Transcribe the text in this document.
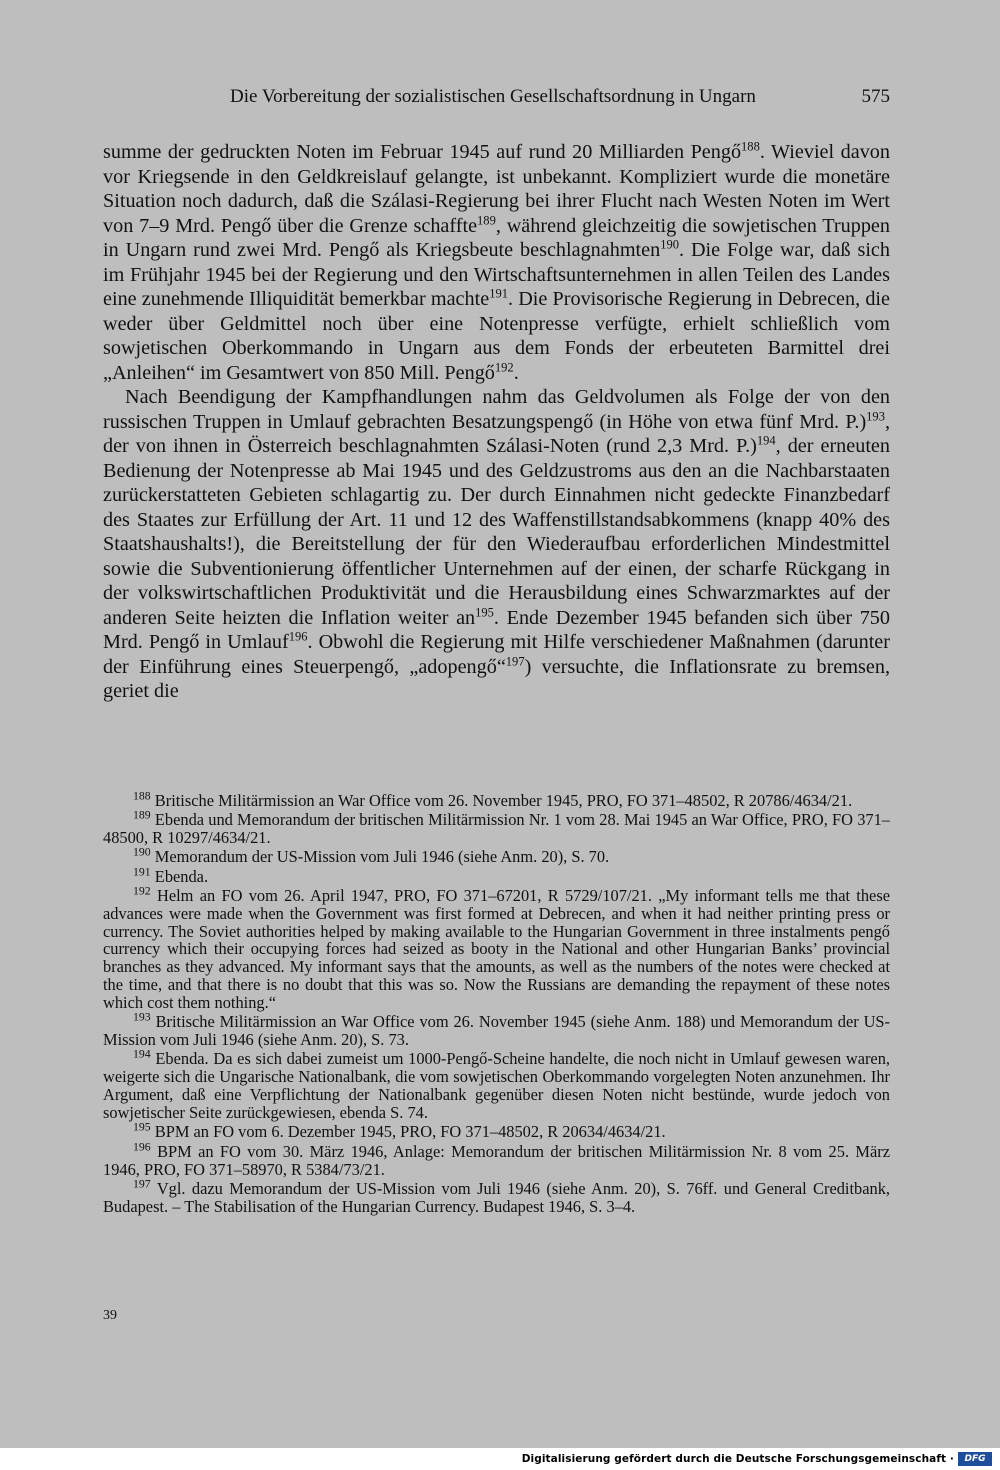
Die Vorbereitung der sozialistischen Gesellschaftsordnung in Ungarn	575

summe der gedruckten Noten im Februar 1945 auf rund 20 Milliarden Pengő$^{188}$. Wieviel davon vor Kriegsende in den Geldkreislauf gelangte, ist unbekannt. Kompliziert wurde die monetäre Situation noch dadurch, daß die Szálasi-Regierung bei ihrer Flucht nach Westen Noten im Wert von 7–9 Mrd. Pengő über die Grenze schaffte$^{189}$, während gleichzeitig die sowjetischen Truppen in Ungarn rund zwei Mrd. Pengő als Kriegsbeute beschlagnahmten$^{190}$. Die Folge war, daß sich im Frühjahr 1945 bei der Regierung und den Wirtschaftsunternehmen in allen Teilen des Landes eine zunehmende Illiquidität bemerkbar machte$^{191}$. Die Provisorische Regierung in Debrecen, die weder über Geldmittel noch über eine Notenpresse verfügte, erhielt schließlich vom sowjetischen Oberkommando in Ungarn aus dem Fonds der erbeuteten Barmittel drei „Anleihen“ im Gesamtwert von 850 Mill. Pengő$^{192}$.

Nach Beendigung der Kampfhandlungen nahm das Geldvolumen als Folge der von den russischen Truppen in Umlauf gebrachten Besatzungspengő (in Höhe von etwa fünf Mrd. P.)$^{193}$, der von ihnen in Österreich beschlagnahmten Szálasi-Noten (rund 2,3 Mrd. P.)$^{194}$, der erneuten Bedienung der Notenpresse ab Mai 1945 und des Geldzustroms aus den an die Nachbarstaaten zurückerstatteten Gebieten schlagartig zu. Der durch Einnahmen nicht gedeckte Finanzbedarf des Staates zur Erfüllung der Art. 11 und 12 des Waffenstillstandsabkommens (knapp 40% des Staatshaushalts!), die Bereitstellung der für den Wiederaufbau erforderlichen Mindestmittel sowie die Subventionierung öffentlicher Unternehmen auf der einen, der scharfe Rückgang in der volkswirtschaftlichen Produktivität und die Herausbildung eines Schwarzmarktes auf der anderen Seite heizten die Inflation weiter $an^{195}$. Ende Dezember 1945 befanden sich über 750 Mrd. Pengő in Umlauf$^{196}$. Obwohl die Regierung mit Hilfe verschiedener Maßnahmen (darunter der Einführung eines Steuerpengő, „adopengő“$^{197}$) versuchte, die Inflationsrate zu bremsen, geriet die

$^{188}$ Britische Militärmission an War Office vom 26. November 1945, PRO, FO 371–48502, R 20786/4634/21.
$^{189}$ Ebenda und Memorandum der britischen Militärmission Nr. 1 vom 28. Mai 1945 an War Office, PRO, FO 371–48500, R 10297/4634/21.
$^{190}$ Memorandum der US-Mission vom Juli 1946 (siehe Anm. 20), S. 70.
$^{191}$ Ebenda.
$^{192}$ Helm an FO vom 26. April 1947, PRO, FO 371–67201, R 5729/107/21. „My informant tells me that these advances were made when the Government was first formed at Debrecen, and when it had neither printing press or currency. The Soviet authorities helped by making available to the Hungarian Government in three instalments pengő currency which their occupying forces had seized as booty in the National and other Hungarian Banks’ provincial branches as they advanced. My informant says that the amounts, as well as the numbers of the notes were checked at the time, and that there is no doubt that this was so. Now the Russians are demanding the repayment of these notes which cost them nothing.“
$^{193}$ Britische Militärmission an War Office vom 26. November 1945 (siehe Anm. 188) und Memorandum der US-Mission vom Juli 1946 (siehe Anm. 20), S. 73.
$^{194}$ Ebenda. Da es sich dabei zumeist um 1000-Pengő-Scheine handelte, die noch nicht in Umlauf gewesen waren, weigerte sich die Ungarische Nationalbank, die vom sowjetischen Oberkommando vorgelegten Noten anzunehmen. Ihr Argument, daß eine Verpflichtung der Nationalbank gegenüber diesen Noten nicht bestünde, wurde jedoch von sowjetischer Seite zurückgewiesen, ebenda S. 74.
$^{195}$ BPM an FO vom 6. Dezember 1945, PRO, FO 371–48502, R 20634/4634/21.
$^{196}$ BPM an FO vom 30. März 1946, Anlage: Memorandum der britischen Militärmission Nr. 8 vom 25. März 1946, PRO, FO 371–58970, R 5384/73/21.
$^{197}$ Vgl. dazu Memorandum der US-Mission vom Juli 1946 (siehe Anm. 20), S. 76ff. und General Creditbank, Budapest. – The Stabilisation of the Hungarian Currency. Budapest 1946, S. 3–4.
39
Digitalisierung gefördert durch die Deutsche Forschungsgemeinschaft ·	DFG
